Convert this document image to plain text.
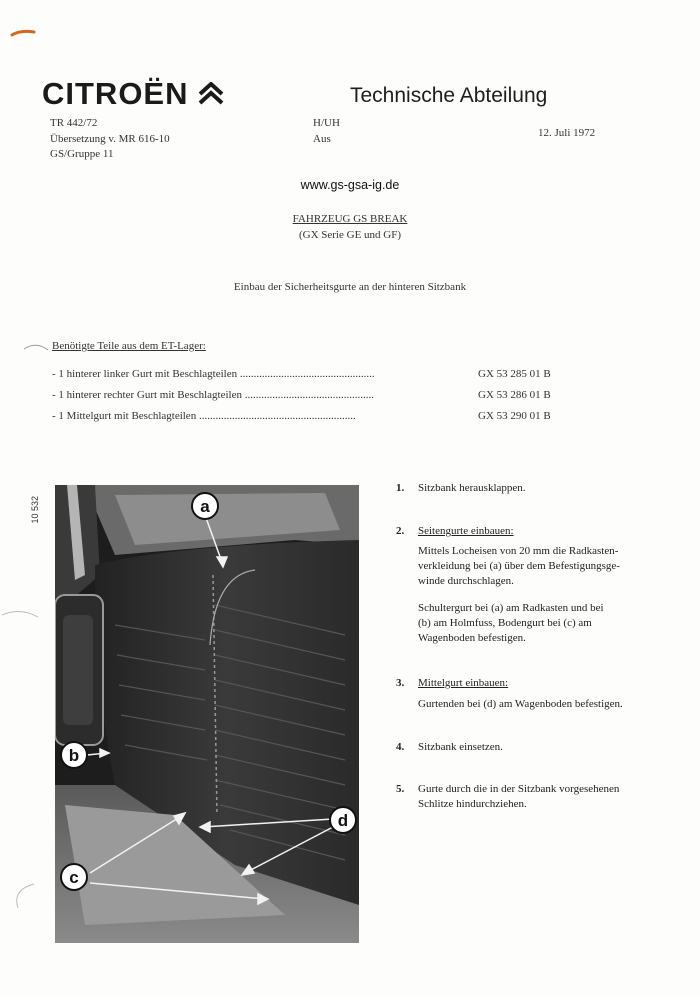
CITROËN	Technische Abteilung
TR 442/72
Übersetzung v. MR 616-10
GS/Gruppe 11
H/UH
Aus	12. Juli 1972
www.gs-gsa-ig.de
FAHRZEUG GS BREAK
(GX Serie GE und GF)
Einbau der Sicherheitsgurte an der hinteren Sitzbank
Benötigte Teile aus dem ET-Lager:
- 1 hinterer linker Gurt mit Beschlagteilen .................................................	GX 53 285 01 B
- 1 hinterer rechter Gurt mit Beschlagteilen ...............................................	GX 53 286 01 B
- 1 Mittelgurt mit Beschlagteilen .........................................................	GX 53 290 01 B
10 532	a
b
c
d
1. Sitzbank herausklappen.
2. Seitengurte einbauen:
Mittels Locheisen von 20 mm die Radkasten-
verkleidung bei (a) über dem Befestigungsge-
winde durchschlagen.
Schultergurt bei (a) am Radkasten und bei
(b) am Holmfuss, Bodengurt bei (c) am
Wagenboden befestigen.
3. Mittelgurt einbauen:
Gurtenden bei (d) am Wagenboden befestigen.
4. Sitzbank einsetzen.
5. Gurte durch die in der Sitzbank vorgesehenen
Schlitze hindurchziehen.
